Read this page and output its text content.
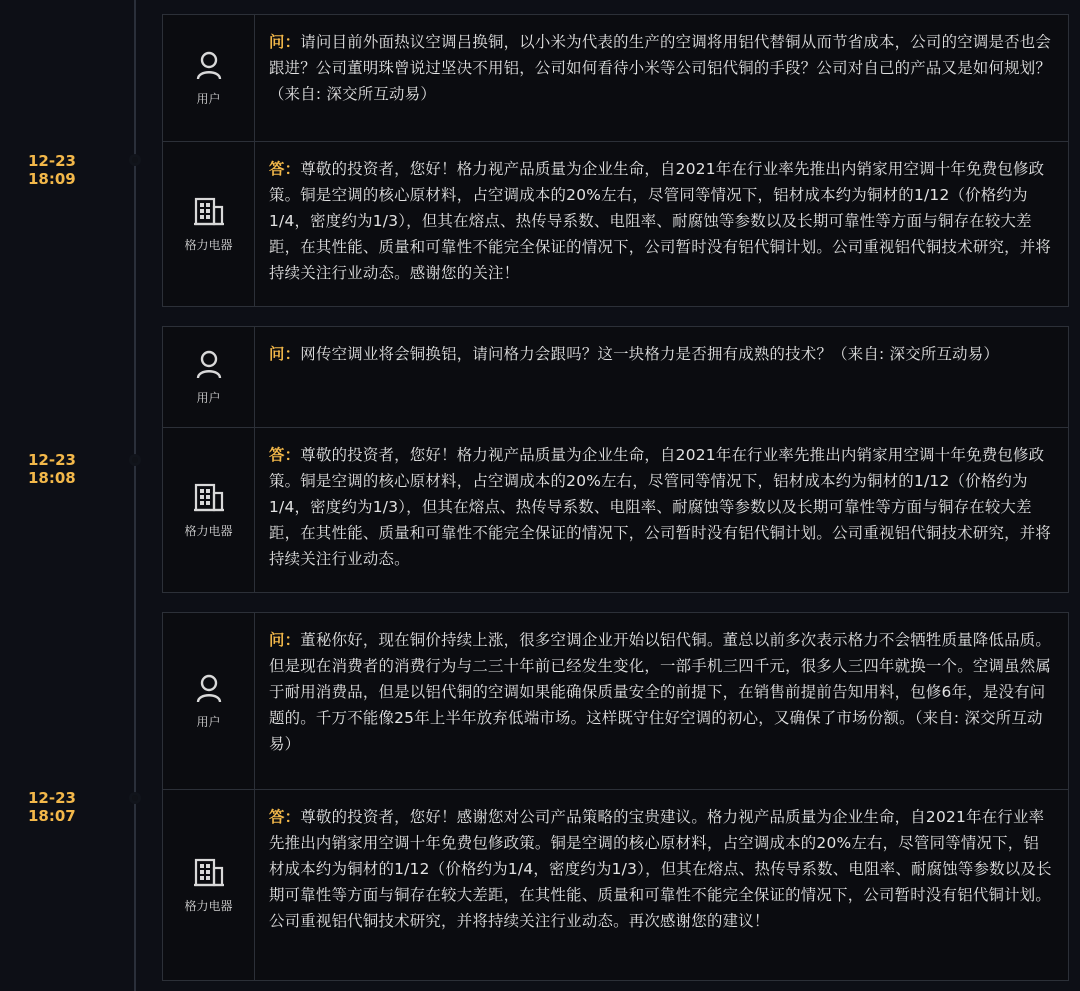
12-23 18:09
用户
问：请问目前外面热议空调吕换铜，以小米为代表的生产的空调将用铝代替铜从而节省成本，公司的空调是否也会跟进？公司董明珠曾说过坚决不用铝，公司如何看待小米等公司铝代铜的手段？公司对自己的产品又是如何规划？（来自: 深交所互动易）
格力电器
答：尊敬的投资者，您好！格力视产品质量为企业生命，自2021年在行业率先推出内销家用空调十年免费包修政策。铜是空调的核心原材料，占空调成本的20%左右，尽管同等情况下，铝材成本约为铜材的1/12（价格约为1/4，密度约为1/3），但其在熔点、热传导系数、电阻率、耐腐蚀等参数以及长期可靠性等方面与铜存在较大差距，在其性能、质量和可靠性不能完全保证的情况下，公司暂时没有铝代铜计划。公司重视铝代铜技术研究，并将持续关注行业动态。感谢您的关注！
12-23 18:08
用户
问：网传空调业将会铜换铝，请问格力会跟吗？这一块格力是否拥有成熟的技术？（来自: 深交所互动易）
格力电器
答：尊敬的投资者，您好！格力视产品质量为企业生命，自2021年在行业率先推出内销家用空调十年免费包修政策。铜是空调的核心原材料，占空调成本的20%左右，尽管同等情况下，铝材成本约为铜材的1/12（价格约为1/4，密度约为1/3），但其在熔点、热传导系数、电阻率、耐腐蚀等参数以及长期可靠性等方面与铜存在较大差距，在其性能、质量和可靠性不能完全保证的情况下，公司暂时没有铝代铜计划。公司重视铝代铜技术研究，并将持续关注行业动态。
12-23 18:07
用户
问：董秘你好，现在铜价持续上涨，很多空调企业开始以铝代铜。董总以前多次表示格力不会牺牲质量降低品质。但是现在消费者的消费行为与二三十年前已经发生变化，一部手机三四千元，很多人三四年就换一个。空调虽然属于耐用消费品，但是以铝代铜的空调如果能确保质量安全的前提下，在销售前提前告知用料，包修6年，是没有问题的。千万不能像25年上半年放弃低端市场。这样既守住好空调的初心，又确保了市场份额。（来自: 深交所互动易）
格力电器
答：尊敬的投资者，您好！感谢您对公司产品策略的宝贵建议。格力视产品质量为企业生命，自2021年在行业率先推出内销家用空调十年免费包修政策。铜是空调的核心原材料，占空调成本的20%左右，尽管同等情况下，铝材成本约为铜材的1/12（价格约为1/4，密度约为1/3），但其在熔点、热传导系数、电阻率、耐腐蚀等参数以及长期可靠性等方面与铜存在较大差距，在其性能、质量和可靠性不能完全保证的情况下，公司暂时没有铝代铜计划。公司重视铝代铜技术研究，并将持续关注行业动态。再次感谢您的建议！
